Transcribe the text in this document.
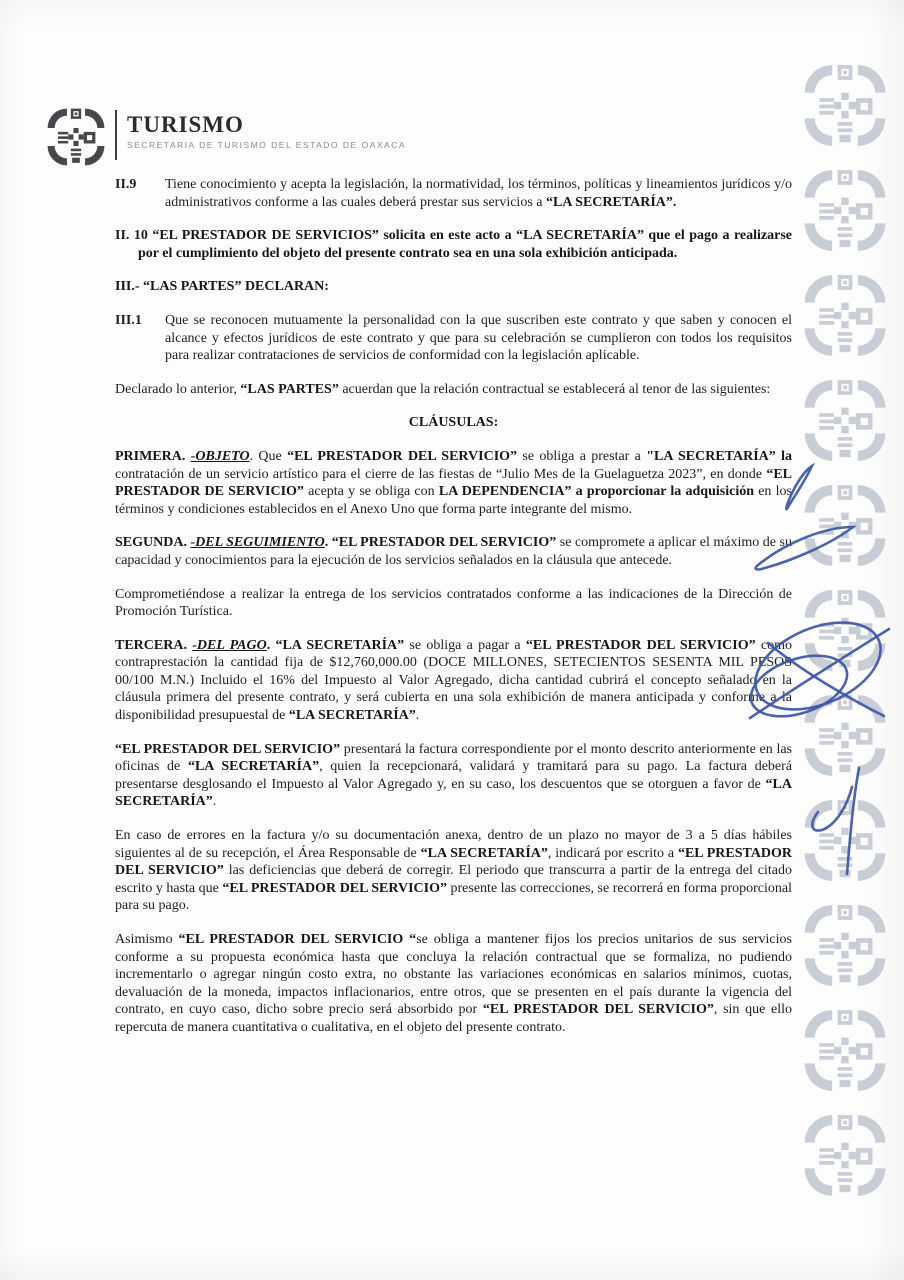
TURISMO
SECRETARIA DE TURISMO DEL ESTADO DE OAXACA
II.9 Tiene conocimiento y acepta la legislación, la normatividad, los términos, políticas y lineamientos jurídicos y/o administrativos conforme a las cuales deberá prestar sus servicios a “LA SECRETARÍA”.
II. 10 “EL PRESTADOR DE SERVICIOS” solicita en este acto a “LA SECRETARÍA” que el pago a realizarse por el cumplimiento del objeto del presente contrato sea en una sola exhibición anticipada.
III.- “LAS PARTES” DECLARAN:
III.1 Que se reconocen mutuamente la personalidad con la que suscriben este contrato y que saben y conocen el alcance y efectos jurídicos de este contrato y que para su celebración se cumplieron con todos los requisitos para realizar contrataciones de servicios de conformidad con la legislación aplicable.
Declarado lo anterior, “LAS PARTES” acuerdan que la relación contractual se establecerá al tenor de las siguientes:
CLÁUSULAS:
PRIMERA. -OBJETO. Que “EL PRESTADOR DEL SERVICIO” se obliga a prestar a "LA SECRETARÍA” la contratación de un servicio artístico para el cierre de las fiestas de “Julio Mes de la Guelaguetza 2023”, en donde “EL PRESTADOR DE SERVICIO” acepta y se obliga con LA DEPENDENCIA” a proporcionar la adquisición en los términos y condiciones establecidos en el Anexo Uno que forma parte integrante del mismo.
SEGUNDA. -DEL SEGUIMIENTO. “EL PRESTADOR DEL SERVICIO” se compromete a aplicar el máximo de su capacidad y conocimientos para la ejecución de los servicios señalados en la cláusula que antecede.
Comprometiéndose a realizar la entrega de los servicios contratados conforme a las indicaciones de la Dirección de Promoción Turística.
TERCERA. -DEL PAGO. “LA SECRETARÍA” se obliga a pagar a “EL PRESTADOR DEL SERVICIO” como contraprestación la cantidad fija de $12,760,000.00 (DOCE MILLONES, SETECIENTOS SESENTA MIL PESOS 00/100 M.N.) Incluido el 16% del Impuesto al Valor Agregado, dicha cantidad cubrirá el concepto señalado en la cláusula primera del presente contrato, y será cubierta en una sola exhibición de manera anticipada y conforme a la disponibilidad presupuestal de “LA SECRETARÍA”.
“EL PRESTADOR DEL SERVICIO” presentará la factura correspondiente por el monto descrito anteriormente en las oficinas de “LA SECRETARÍA”, quien la recepcionará, validará y tramitará para su pago. La factura deberá presentarse desglosando el Impuesto al Valor Agregado y, en su caso, los descuentos que se otorguen a favor de “LA SECRETARÍA”.
En caso de errores en la factura y/o su documentación anexa, dentro de un plazo no mayor de 3 a 5 días hábiles siguientes al de su recepción, el Área Responsable de “LA SECRETARÍA”, indicará por escrito a “EL PRESTADOR DEL SERVICIO” las deficiencias que deberá de corregir. El periodo que transcurra a partir de la entrega del citado escrito y hasta que “EL PRESTADOR DEL SERVICIO” presente las correcciones, se recorrerá en forma proporcional para su pago.
Asimismo “EL PRESTADOR DEL SERVICIO “se obliga a mantener fijos los precios unitarios de sus servicios conforme a su propuesta económica hasta que concluya la relación contractual que se formaliza, no pudiendo incrementarlo o agregar ningún costo extra, no obstante las variaciones económicas en salarios mínimos, cuotas, devaluación de la moneda, impactos inflacionarios, entre otros, que se presenten en el país durante la vigencia del contrato, en cuyo caso, dicho sobre precio será absorbido por “EL PRESTADOR DEL SERVICIO”, sin que ello repercuta de manera cuantitativa o cualitativa, en el objeto del presente contrato.
